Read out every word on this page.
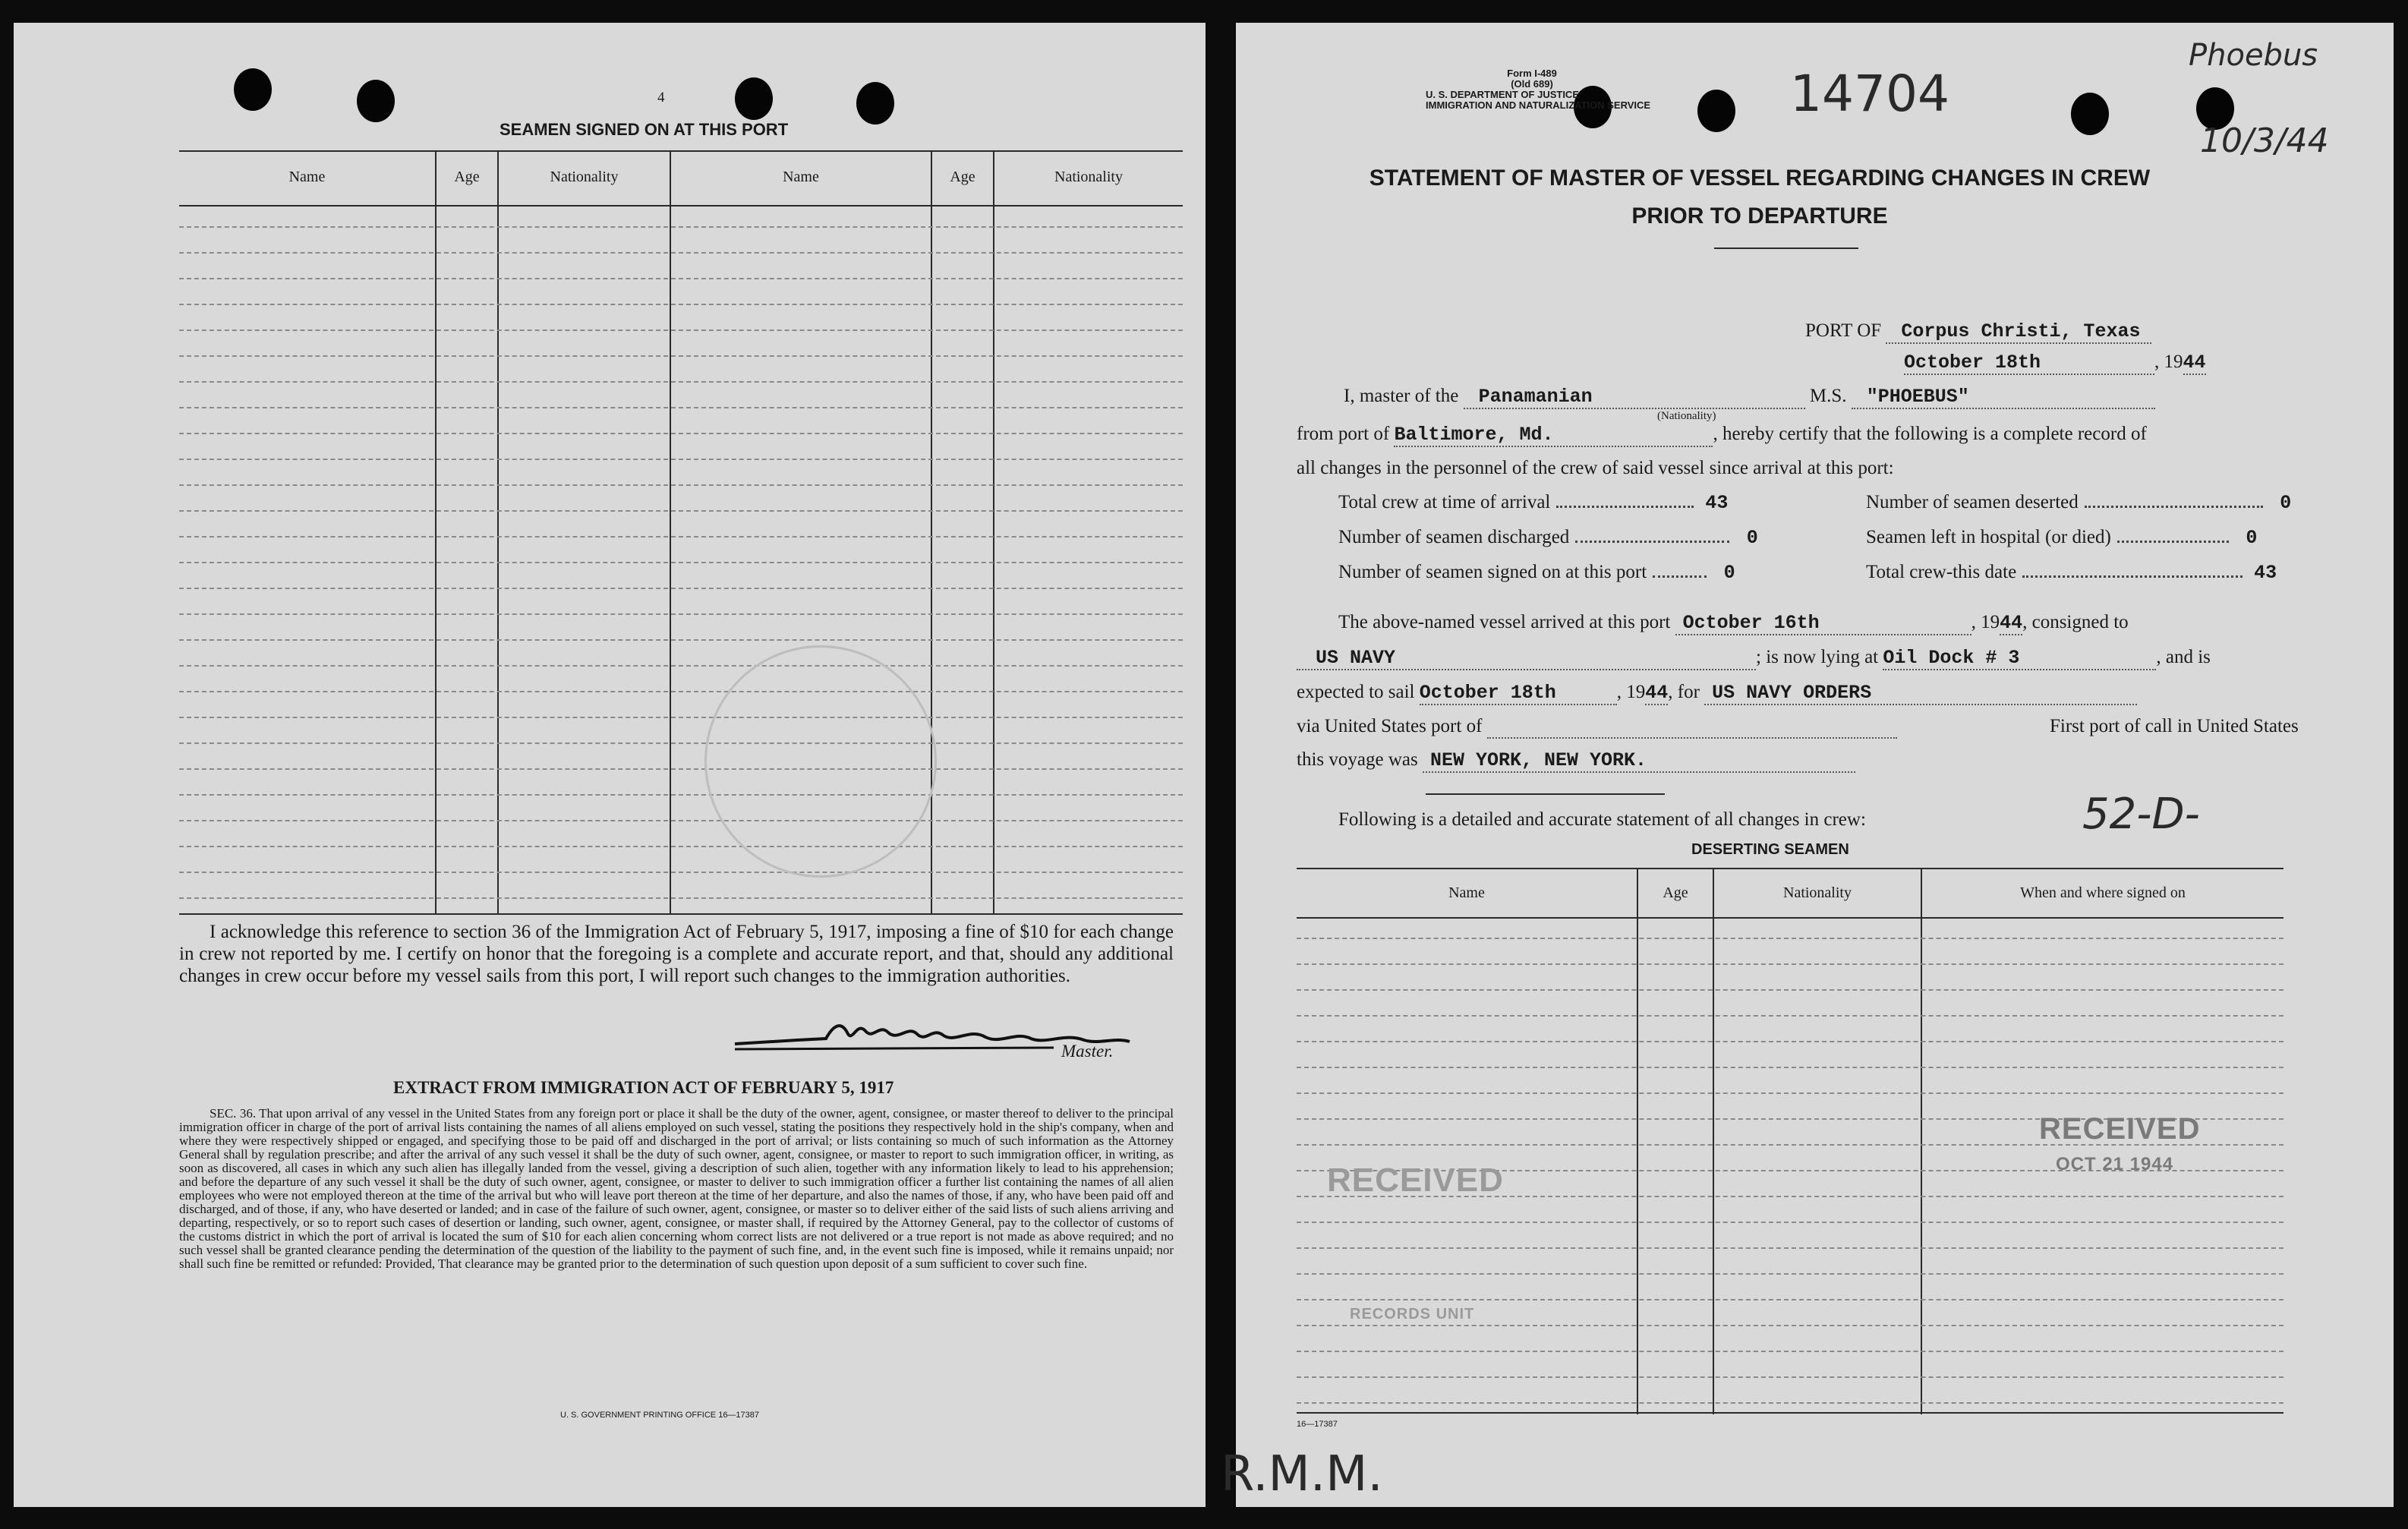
4
SEAMEN SIGNED ON AT THIS PORT
Name	Age	Nationality	Name	Age	Nationality
I acknowledge this reference to section 36 of the Immigration Act of February 5, 1917, imposing a fine of $10 for each change in crew not reported by me. I certify on honor that the foregoing is a complete and accurate report, and that, should any additional changes in crew occur before my vessel sails from this port, I will report such changes to the immigration authorities.
Master.
EXTRACT FROM IMMIGRATION ACT OF FEBRUARY 5, 1917
SEC. 36. That upon arrival of any vessel in the United States from any foreign port or place it shall be the duty of the owner, agent, consignee, or master thereof to deliver to the principal immigration officer in charge of the port of arrival lists containing the names of all aliens employed on such vessel, stating the positions they respectively hold in the ship's company, when and where they were respectively shipped or engaged, and specifying those to be paid off and discharged in the port of arrival; or lists containing so much of such information as the Attorney General shall by regulation prescribe; and after the arrival of any such vessel it shall be the duty of such owner, agent, consignee, or master to report to such immigration officer, in writing, as soon as discovered, all cases in which any such alien has illegally landed from the vessel, giving a description of such alien, together with any information likely to lead to his apprehension; and before the departure of any such vessel it shall be the duty of such owner, agent, consignee, or master to deliver to such immigration officer a further list containing the names of all alien employees who were not employed thereon at the time of the arrival but who will leave port thereon at the time of her departure, and also the names of those, if any, who have been paid off and discharged, and of those, if any, who have deserted or landed; and in case of the failure of such owner, agent, consignee, or master so to deliver either of the said lists of such aliens arriving and departing, respectively, or so to report such cases of desertion or landing, such owner, agent, consignee, or master shall, if required by the Attorney General, pay to the collector of customs of the customs district in which the port of arrival is located the sum of $10 for each alien concerning whom correct lists are not delivered or a true report is not made as above required; and no such vessel shall be granted clearance pending the determination of the question of the liability to the payment of such fine, and, in the event such fine is imposed, while it remains unpaid; nor shall such fine be remitted or refunded: Provided, That clearance may be granted prior to the determination of such question upon deposit of a sum sufficient to cover such fine.
U. S. GOVERNMENT PRINTING OFFICE 16—17387
Form I-489
(Old 689)
U. S. DEPARTMENT OF JUSTICE
IMMIGRATION AND NATURALIZATION SERVICE	14704
Phoebus
10/3/44
STATEMENT OF MASTER OF VESSEL REGARDING CHANGES IN CREW
PRIOR TO DEPARTURE
PORT OF Corpus Christi, Texas
October 18th	, 1944
I, master of the Panamanian	M.S. "PHOEBUS"
(Nationality)
from port of Baltimore, Md.	, hereby certify that the following is a complete record of
all changes in the personnel of the crew of said vessel since arrival at this port:
Total crew at time of arrival	43
Number of seamen discharged	0
Number of seamen signed on at this port	0
Number of seamen deserted	0
Seamen left in hospital (or died)	0
Total crew-this date	43
The above-named vessel arrived at this port October 16th	, 1944, consigned to
US NAVY	; is now lying at Oil Dock # 3	, and is
expected to sail October 18th	, 1944, for US NAVY ORDERS
via United States port of	First port of call in United States
this voyage was NEW YORK, NEW YORK.
Following is a detailed and accurate statement of all changes in crew:	52-D-
DESERTING SEAMEN
Name	Age	Nationality	When and where signed on
RECEIVED
RECORDS UNIT
RECEIVED
OCT 21 1944
16—17387
R.M.M.
